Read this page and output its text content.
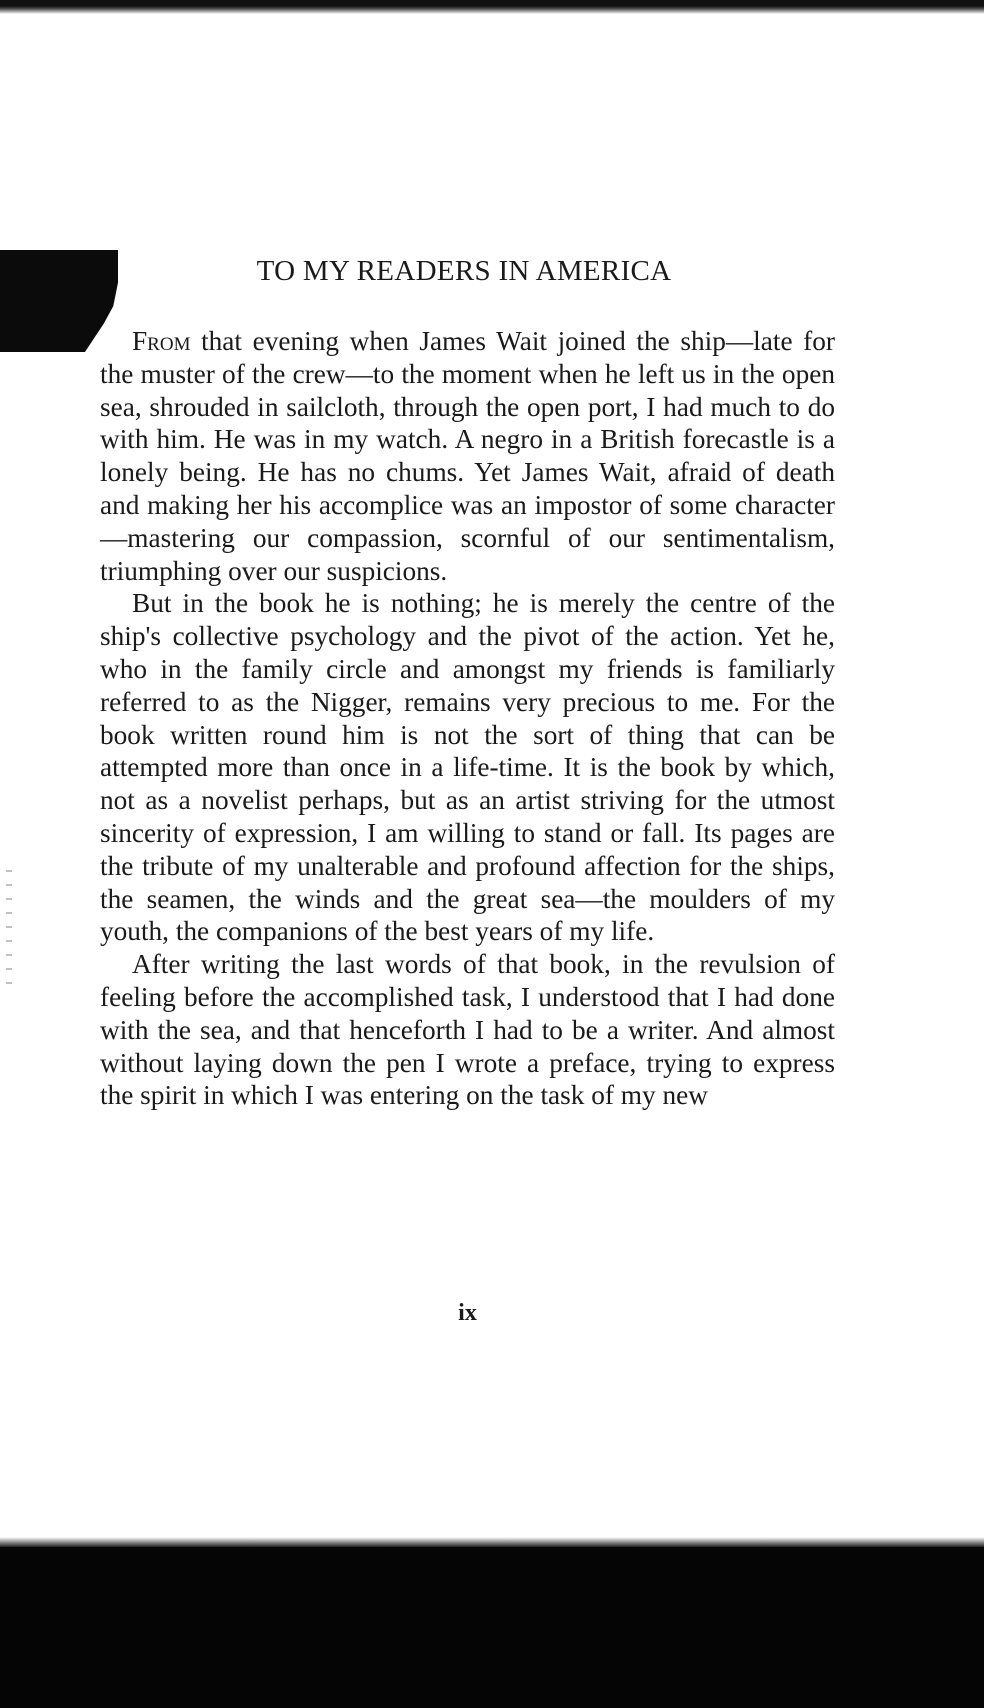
TO MY READERS IN AMERICA

From that evening when James Wait joined the ship—late for the muster of the crew—to the moment when he left us in the open sea, shrouded in sailcloth, through the open port, I had much to do with him. He was in my watch. A negro in a British forecastle is a lonely being. He has no chums. Yet James Wait, afraid of death and making her his accomplice was an impostor of some character—mastering our compassion, scornful of our sentimentalism, triumphing over our suspicions.

But in the book he is nothing; he is merely the centre of the ship's collective psychology and the pivot of the action. Yet he, who in the family circle and amongst my friends is familiarly referred to as the Nigger, remains very precious to me. For the book written round him is not the sort of thing that can be attempted more than once in a life-time. It is the book by which, not as a novelist perhaps, but as an artist striving for the utmost sincerity of expression, I am willing to stand or fall. Its pages are the tribute of my unalterable and profound affection for the ships, the seamen, the winds and the great sea—the moulders of my youth, the companions of the best years of my life.

After writing the last words of that book, in the revulsion of feeling before the accomplished task, I understood that I had done with the sea, and that henceforth I had to be a writer. And almost without laying down the pen I wrote a preface, trying to express the spirit in which I was entering on the task of my new

ix
